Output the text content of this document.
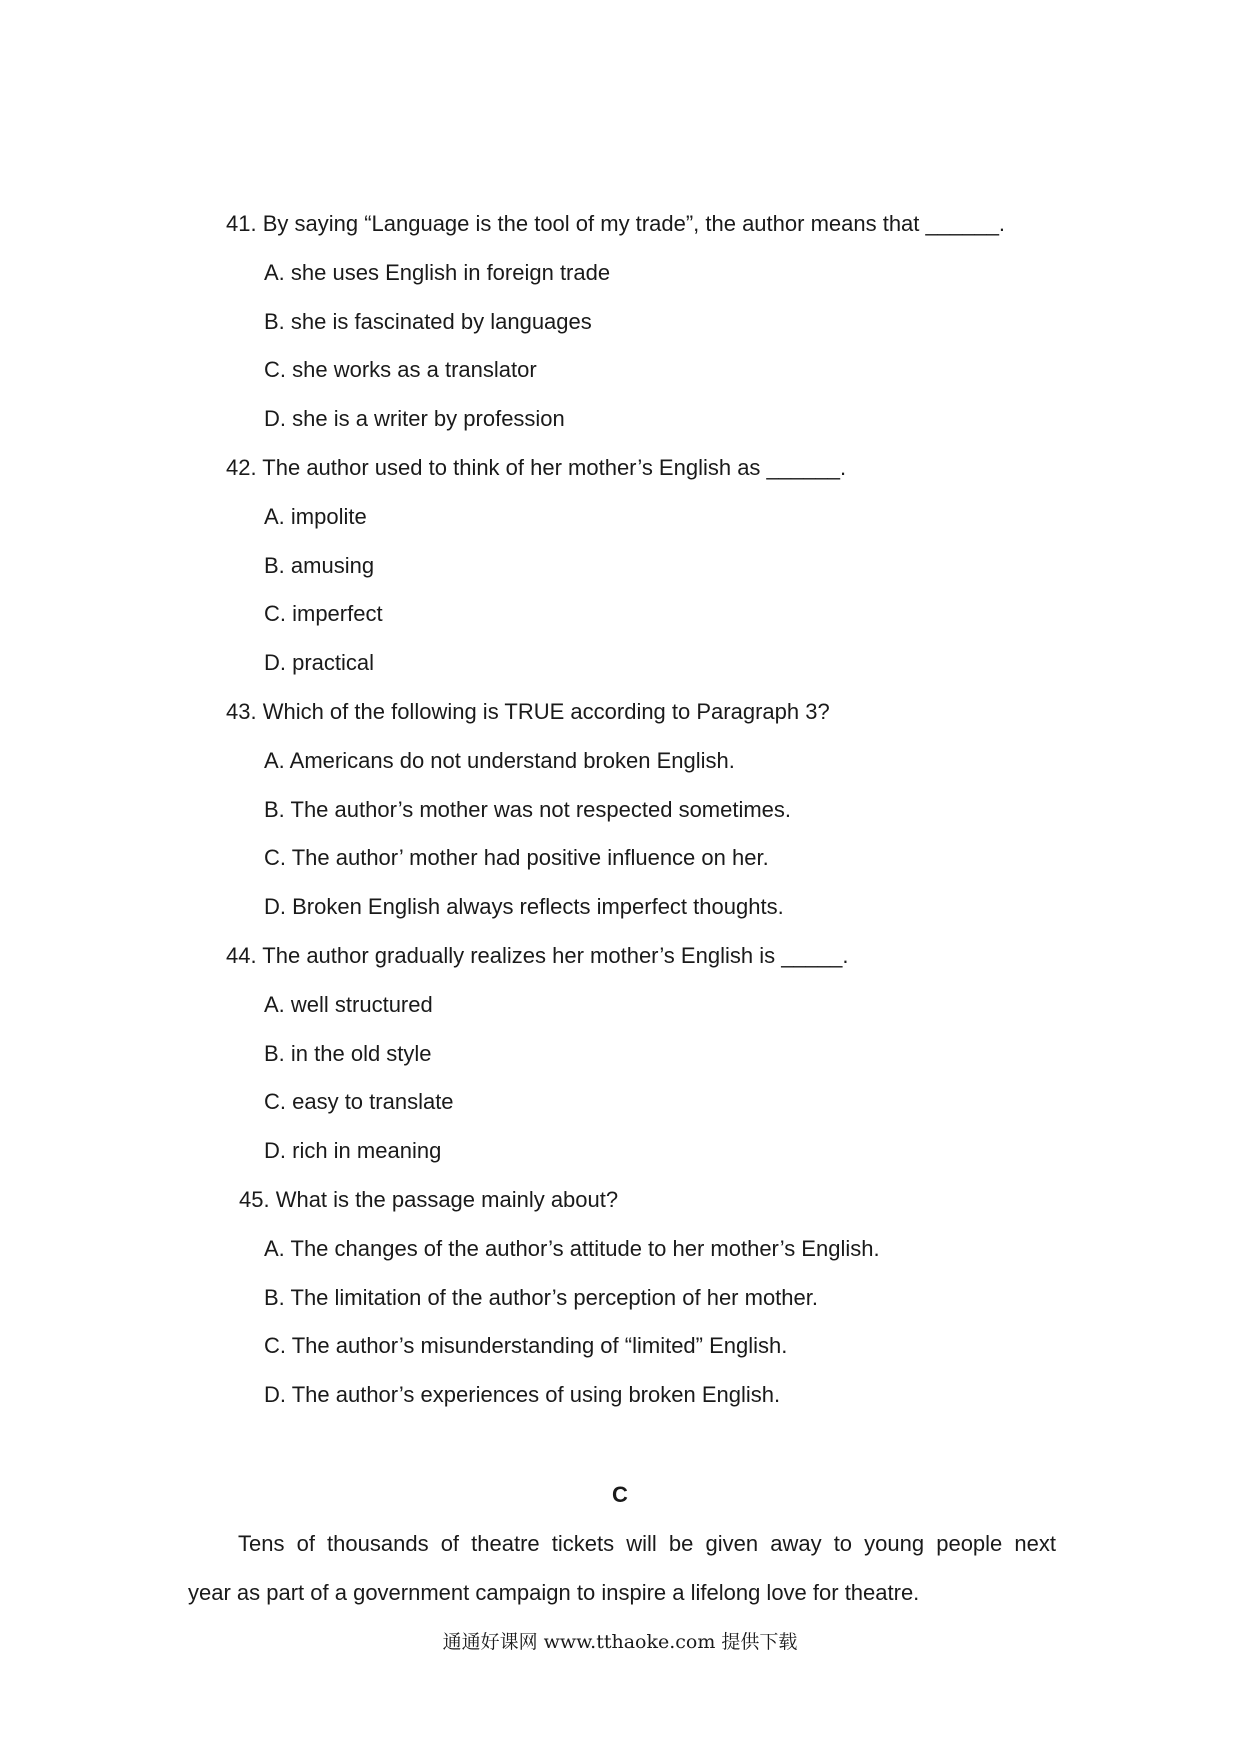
41. By saying “Language is the tool of my trade”, the author means that ______.
A. she uses English in foreign trade
B. she is fascinated by languages
C. she works as a translator
D. she is a writer by profession
42. The author used to think of her mother’s English as ______.
A. impolite
B. amusing
C. imperfect
D. practical
43. Which of the following is TRUE according to Paragraph 3?
A. Americans do not understand broken English.
B. The author’s mother was not respected sometimes.
C. The author’ mother had positive influence on her.
D. Broken English always reflects imperfect thoughts.
44. The author gradually realizes her mother’s English is _____.
A. well structured
B. in the old style
C. easy to translate
D. rich in meaning
45. What is the passage mainly about?
A. The changes of the author’s attitude to her mother’s English.
B. The limitation of the author’s perception of her mother.
C. The author’s misunderstanding of “limited” English.
D. The author’s experiences of using broken English.
C
Tens of thousands of theatre tickets will be given away to young people next
year as part of a government campaign to inspire a lifelong love for theatre.
通通好课网 www.tthaoke.com 提供下载
